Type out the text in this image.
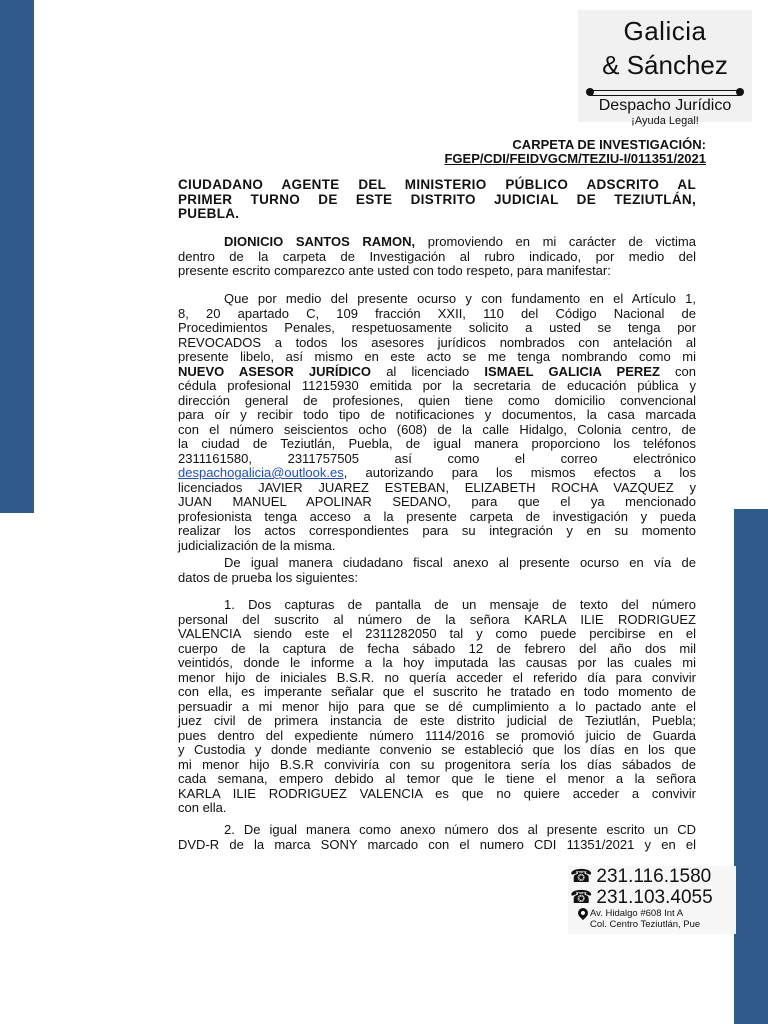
Galicia
& Sánchez
Despacho Jurídico
¡Ayuda Legal!
CARPETA DE INVESTIGACIÓN:
FGEP/CDI/FEIDVGCM/TEZIU-I/011351/2021
CIUDADANO AGENTE DEL MINISTERIO PÚBLICO ADSCRITO AL
PRIMER TURNO DE ESTE DISTRITO JUDICIAL DE TEZIUTLÁN,
PUEBLA.
DIONICIO SANTOS RAMON, promoviendo en mi carácter de victima
dentro de la carpeta de Investigación al rubro indicado, por medio del
presente escrito comparezco ante usted con todo respeto, para manifestar:
Que por medio del presente ocurso y con fundamento en el Artículo 1,
8, 20 apartado C, 109 fracción XXII, 110 del Código Nacional de
Procedimientos Penales, respetuosamente solicito a usted se tenga por
REVOCADOS a todos los asesores jurídicos nombrados con antelación al
presente libelo, así mismo en este acto se me tenga nombrando como mi
NUEVO ASESOR JURÍDICO al licenciado ISMAEL GALICIA PEREZ con
cédula profesional 11215930 emitida por la secretaria de educación pública y
dirección general de profesiones, quien tiene como domicilio convencional
para oír y recibir todo tipo de notificaciones y documentos, la casa marcada
con el número seiscientos ocho (608) de la calle Hidalgo, Colonia centro, de
la ciudad de Teziutlán, Puebla, de igual manera proporciono los teléfonos
2311161580,        2311757505        así        como        el        correo        electrónico
despachogalicia@outlook.es, autorizando para los mismos efectos a los
licenciados JAVIER JUAREZ ESTEBAN, ELIZABETH ROCHA VAZQUEZ y
JUAN MANUEL APOLINAR SEDANO, para que el ya mencionado
profesionista tenga acceso a la presente carpeta de investigación y pueda
realizar los actos correspondientes para su integración y en su momento
judicialización de la misma.
De igual manera ciudadano fiscal anexo al presente ocurso en vía de
datos de prueba los siguientes:
1. Dos capturas de pantalla de un mensaje de texto del número
personal del suscrito al número de la señora KARLA ILIE RODRIGUEZ
VALENCIA siendo este el 2311282050 tal y como puede percibirse en el
cuerpo de la captura de fecha sábado 12 de febrero del año dos mil
veintidós, donde le informe a la hoy imputada las causas por las cuales mi
menor hijo de iniciales B.S.R. no quería acceder el referido día para convivir
con ella, es imperante señalar que el suscrito he tratado en todo momento de
persuadir a mi menor hijo para que se dé cumplimiento a lo pactado ante el
juez civil de primera instancia de este distrito judicial de Teziutlán, Puebla;
pues dentro del expediente número 1114/2016 se promovió juicio de Guarda
y Custodia y donde mediante convenio se estableció que los días en los que
mi menor hijo B.S.R conviviría con su progenitora sería los días sábados de
cada semana, empero debido al temor que le tiene el menor a la señora
KARLA ILIE RODRIGUEZ VALENCIA es que no quiere acceder a convivir
con ella.
2. De igual manera como anexo número dos al presente escrito un CD
DVD-R de la marca SONY marcado con el numero CDI 11351/2021 y en el
☎ 231.116.1580
☎ 231.103.4055
Av. Hidalgo #608 Int A
Col. Centro Teziutlán, Pue
